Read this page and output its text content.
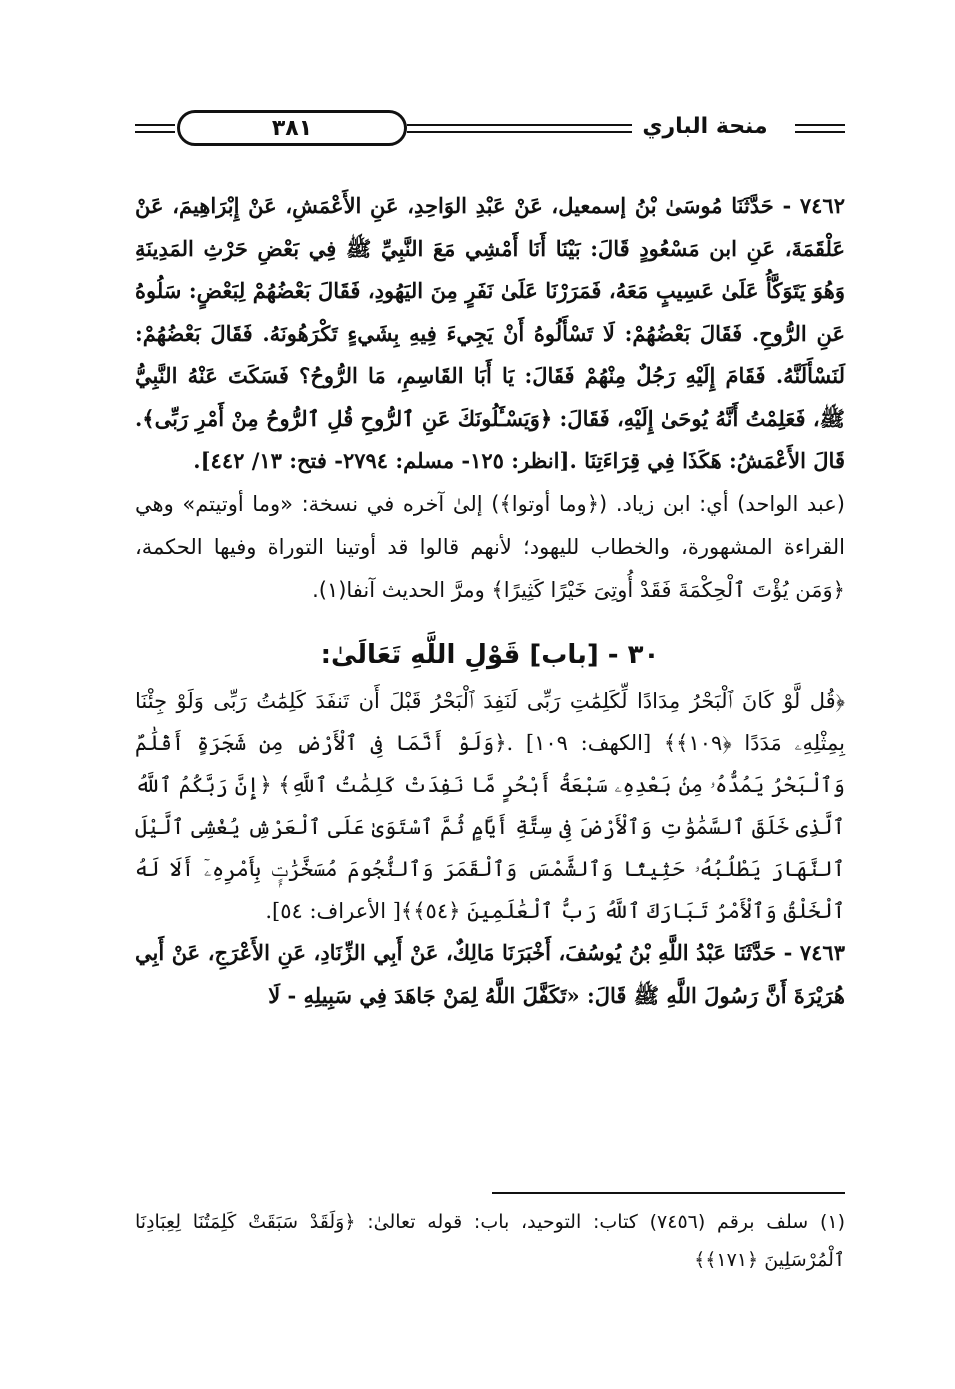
٣٨١	منحة الباري

٧٤٦٢ - حَدَّثَنَا مُوسَىٰ بْنُ إسمعيل، عَنْ عَبْدِ الوَاحِدِ، عَنِ الأَعْمَشِ، عَنْ إِبْرَاهِيمَ، عَنْ عَلْقَمَةَ، عَنِ ابن مَسْعُودٍ قَالَ: بَيْنَا أَنَا أَمْشِي مَعَ النَّبِيِّ ﷺ فِي بَعْضِ حَرْثِ المَدِينَةِ وَهُوَ يَتَوَكَّأُ عَلَىٰ عَسِيبٍ مَعَهُ، فَمَرَرْنَا عَلَىٰ نَفَرٍ مِنَ اليَهُودِ، فَقَالَ بَعْضُهُمْ لِبَعْضٍ: سَلُوهُ عَنِ الرُّوحِ. فَقَالَ بَعْضُهُمْ: لَا تَسْأَلُوهُ أَنْ يَجِيءَ فِيهِ بِشَيءٍ تَكْرَهُونَهُ. فَقَالَ بَعْضُهُمْ: لَنَسْأَلَنَّهُ. فَقَامَ إِلَيْهِ رَجُلٌ مِنْهُمْ فَقَالَ: يَا أَبَا القَاسِمِ، مَا الرُّوحُ؟ فَسَكَتَ عَنْهُ النَّبِيُّ ﷺ، فَعَلِمْتُ أَنَّهُ يُوحَىٰ إِلَيْهِ، فَقَالَ: ﴿وَيَسْـَٔلُونَكَ عَنِ ٱلرُّوحِ قُلِ ٱلرُّوحُ مِنْ أَمْرِ رَبِّى﴾. قَالَ الأَعْمَشُ: هَكَذَا فِي قِرَاءَتِنَا .[انظر: ١٢٥- مسلم: ٢٧٩٤- فتح: ١٣/ ٤٤٢].

(عبد الواحد) أي: ابن زياد. (﴿وما أوتوا﴾) إلىٰ آخره في نسخة: «وما أوتيتم» وهي القراءة المشهورة، والخطاب لليهود؛ لأنهم قالوا قد أوتينا التوراة وفيها الحكمة، ﴿وَمَن يُؤْتَ ٱلْحِكْمَةَ فَقَدْ أُوتِىَ خَيْرًا كَثِيرًا﴾ ومرَّ الحديث آنفا(١).

٣٠ - [باب] قَوْلِ اللَّهِ تَعَالَىٰ:

﴿قُل لَّوْ كَانَ ٱلْبَحْرُ مِدَادًا لِّكَلِمَٰتِ رَبِّى لَنَفِدَ ٱلْبَحْرُ قَبْلَ أَن تَنفَدَ كَلِمَٰتُ رَبِّى وَلَوْ جِئْنَا بِمِثْلِهِۦ مَدَدًا ﴿١٠٩﴾﴾ [الكهف: ١٠٩] .﴿وَلَوْ أَنَّمَا فِى ٱلْأَرْضِ مِن شَجَرَةٍ أَقْلَٰمٌ وَٱلْبَحْرُ يَمُدُّهُۥ مِنۢ بَعْدِهِۦ سَبْعَةُ أَبْحُرٍ مَّا نَفِدَتْ كَلِمَٰتُ ٱللَّهِ﴾ ﴿إِنَّ رَبَّكُمُ ٱللَّهُ ٱلَّذِى خَلَقَ ٱلسَّمَٰوَٰتِ وَٱلْأَرْضَ فِى سِتَّةِ أَيَّامٍ ثُمَّ ٱسْتَوَىٰ عَلَى ٱلْعَرْشِ يُغْشِى ٱلَّيْلَ ٱلنَّهَارَ يَطْلُبُهُۥ حَثِيثًا وَٱلشَّمْسَ وَٱلْقَمَرَ وَٱلنُّجُومَ مُسَخَّرَٰتٍۭ بِأَمْرِهِۦٓ أَلَا لَهُ ٱلْخَلْقُ وَٱلْأَمْرُ تَبَارَكَ ٱللَّهُ رَبُّ ٱلْعَٰلَمِينَ ﴿٥٤﴾﴾[ الأعراف: ٥٤].

٧٤٦٣ - حَدَّثَنَا عَبْدُ اللَّهِ بْنُ يُوسُفَ، أَخْبَرَنَا مَالِكٌ، عَنْ أَبِي الزِّنَادِ، عَنِ الأَعْرَجِ، عَنْ أَبِي هُرَيْرَةَ أَنَّ رَسُولَ اللَّهِ ﷺ قَالَ: «تَكَفَّلَ اللَّهُ لِمَنْ جَاهَدَ فِي سَبِيلِهِ - لَا

(١) سلف برقم (٧٤٥٦) كتاب: التوحيد، باب: قوله تعالىٰ: ﴿وَلَقَدْ سَبَقَتْ كَلِمَتُنَا لِعِبَادِنَا ٱلْمُرْسَلِينَ ﴿١٧١﴾﴾
